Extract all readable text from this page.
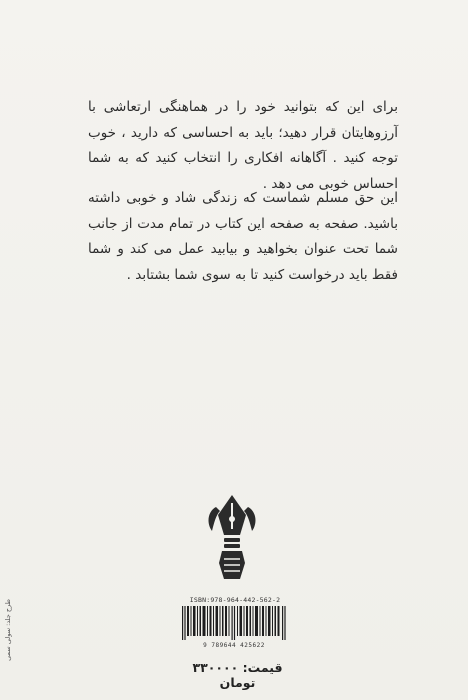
برای این که بتوانید خود را در هماهنگی ارتعاشی با آرزوهایتان قرار دهید؛ باید به احساسی که دارید ، خوب توجه کنید . آگاهانه افکاری را انتخاب کنید که به شما احساس خوبی می دهد .

این حق مسلم شماست که زندگی شاد و خوبی داشته باشید. صفحه به صفحه این کتاب در تمام مدت از جانب شما تحت عنوان بخواهید و بیابید عمل می کند و شما فقط باید درخواست کنید تا به سوی شما بشتابد .

ISBN:978-964-442-562-2
9 789644 425622
قیمت: ۳۳۰۰۰۰ تومان
طرح جلد: سولی سمی
